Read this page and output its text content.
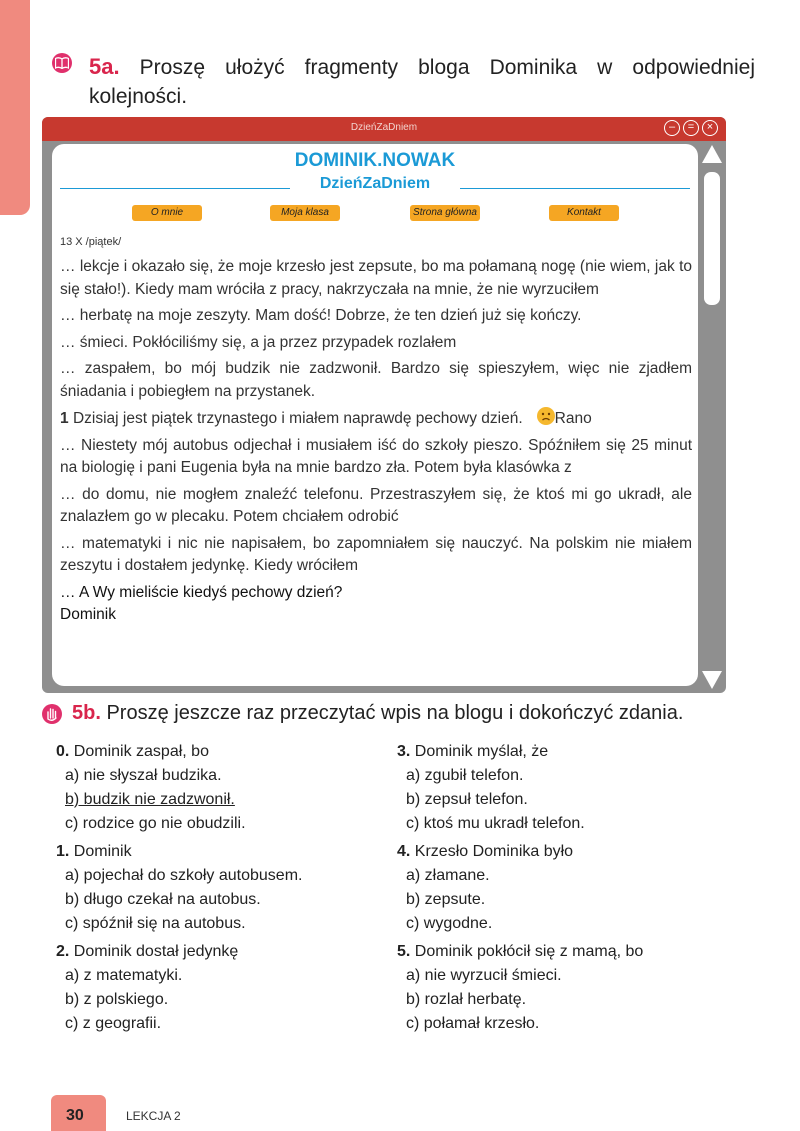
5a. Proszę ułożyć fragmenty bloga Dominika w odpowiedniej kolejności.
DzieńZaDniem	–	=	×
DOMINIK.NOWAK
DzieńZaDniem
O mnie	Moja klasa	Strona główna	Kontakt
13 X /piątek/

… lekcje i okazało się, że moje krzesło jest zepsute, bo ma połamaną nogę (nie wiem, jak to się stało!). Kiedy mam wróciła z pracy, nakrzyczała na mnie, że nie wyrzuciłem

… herbatę na moje zeszyty. Mam dość! Dobrze, że ten dzień już się kończy.

… śmieci. Pokłóciliśmy się, a ja przez przypadek rozlałem

… zaspałem, bo mój budzik nie zadzwonił. Bardzo się spieszyłem, więc nie zjadłem śniadania i pobiegłem na przystanek.

1 Dzisiaj jest piątek trzynastego i miałem naprawdę pechowy dzień. Rano

… Niestety mój autobus odjechał i musiałem iść do szkoły pieszo. Spóźniłem się 25 minut na biologię i pani Eugenia była na mnie bardzo zła. Potem była klasówka z

… do domu, nie mogłem znaleźć telefonu. Przestraszyłem się, że ktoś mi go ukradł, ale znalazłem go w plecaku. Potem chciałem odrobić

… matematyki i nic nie napisałem, bo zapomniałem się nauczyć. Na polskim nie miałem zeszytu i dostałem jedynkę. Kiedy wróciłem

… A Wy mieliście kiedyś pechowy dzień?

Dominik

5b. Proszę jeszcze raz przeczytać wpis na blogu i dokończyć zdania.
0. Dominik zaspał, bo
a) nie słyszał budzika.
b) budzik nie zadzwonił.
c) rodzice go nie obudzili.
1. Dominik
a) pojechał do szkoły autobusem.
b) długo czekał na autobus.
c) spóźnił się na autobus.
2. Dominik dostał jedynkę
a) z matematyki.
b) z polskiego.
c) z geografii.
3. Dominik myślał, że
a) zgubił telefon.
b) zepsuł telefon.
c) ktoś mu ukradł telefon.
4. Krzesło Dominika było
a) złamane.
b) zepsute.
c) wygodne.
5. Dominik pokłócił się z mamą, bo
a) nie wyrzucił śmieci.
b) rozlał herbatę.
c) połamał krzesło.
30	LEKCJA 2
